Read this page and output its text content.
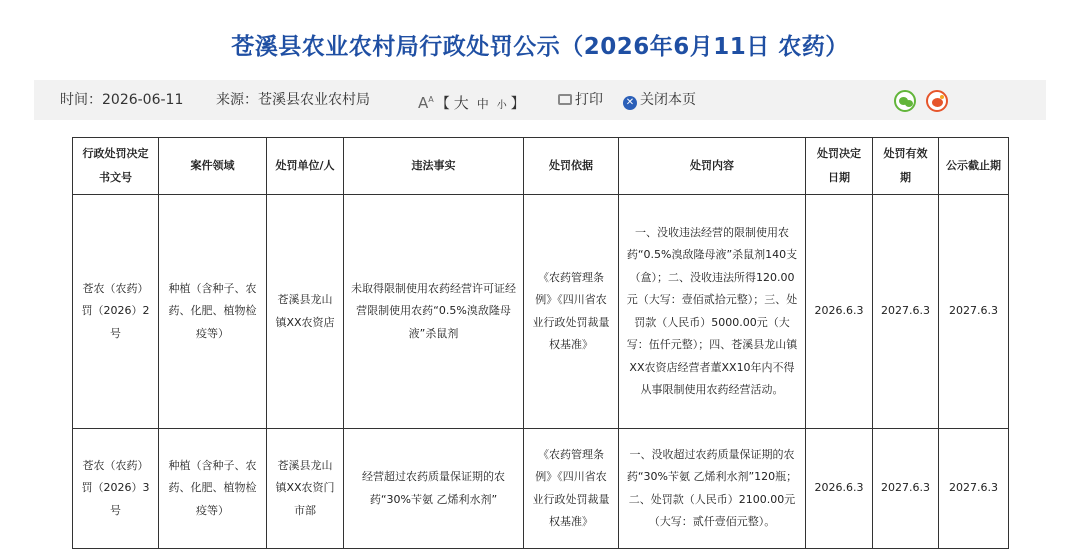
苍溪县农业农村局行政处罚公示（2026年6月11日 农药）
时间：2026-06-11 来源：苍溪县农业农村局	$A^A$ 【 大 中 小 】	打印 ✕ 关闭本页
行政处罚决定书文号	案件领域	处罚单位/人	违法事实	处罚依据	处罚内容	处罚决定日期	处罚有效期	公示截止期
苍农（农药）罚（2026）2号	种植（含种子、农药、化肥、植物检疫等）	苍溪县龙山镇XX农资店	未取得限制使用农药经营许可证经营限制使用农药“0.5%溴敌隆母液”杀鼠剂	《农药管理条例》《四川省农业行政处罚裁量权基准》	一、没收违法经营的限制使用农药“0.5%溴敌隆母液”杀鼠剂140支（盒）；二、没收违法所得120.00元（大写：壹佰贰拾元整）；三、处罚款（人民币）5000.00元（大写：伍仟元整）；四、苍溪县龙山镇XX农资店经营者董XX10年内不得从事限制使用农药经营活动。	2026.6.3	2027.6.3	2027.6.3
苍农（农药）罚（2026）3号	种植（含种子、农药、化肥、植物检疫等）	苍溪县龙山镇XX农资门市部	经营超过农药质量保证期的农药“30%苄氨 乙烯利水剂”	《农药管理条例》《四川省农业行政处罚裁量权基准》	一、没收超过农药质量保证期的农药“30%苄氨 乙烯利水剂”120瓶；二、处罚款（人民币）2100.00元（大写：贰仟壹佰元整）。	2026.6.3	2027.6.3	2027.6.3
